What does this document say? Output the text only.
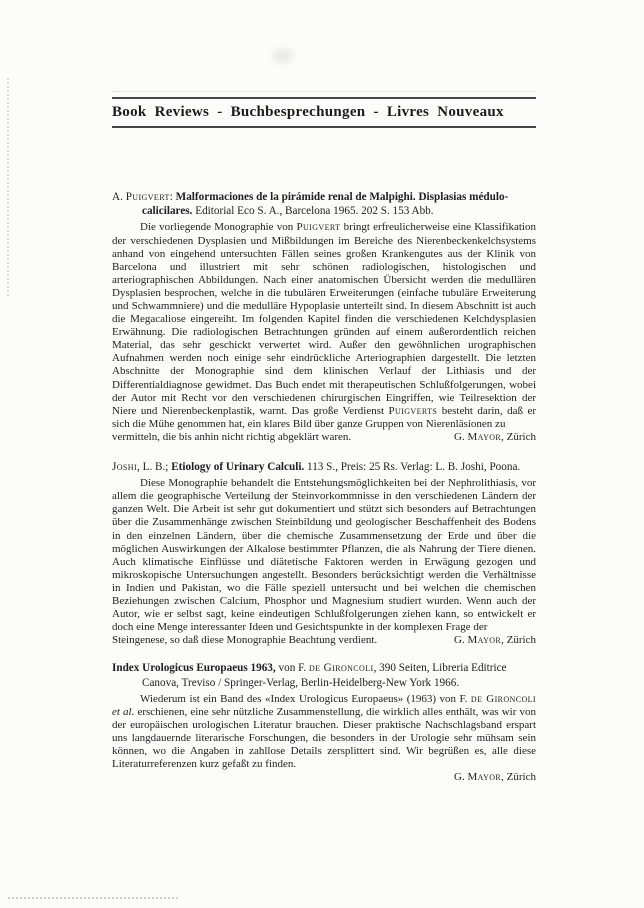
Book Reviews - Buchbesprechungen - Livres Nouveaux
A. Puigvert: Malformaciones de la pirámide renal de Malpighi. Displasias médulo-calicilares. Editorial Eco S. A., Barcelona 1965. 202 S. 153 Abb.

Die vorliegende Monographie von Puigvert bringt erfreulicherweise eine Klassifikation der verschiedenen Dysplasien und Mißbildungen im Bereiche des Nierenbeckenkelchsystems anhand von eingehend untersuchten Fällen seines großen Krankengutes aus der Klinik von Barcelona und illustriert mit sehr schönen radiologischen, histologischen und arteriographischen Abbildungen. Nach einer anatomischen Übersicht werden die medullären Dysplasien besprochen, welche in die tubulären Erweiterungen (einfache tubuläre Erweiterung und Schwammniere) und die medulläre Hypoplasie unterteilt sind. In diesem Abschnitt ist auch die Megacaliose eingereiht. Im folgenden Kapitel finden die verschiedenen Kelchdysplasien Erwähnung. Die radiologischen Betrachtungen gründen auf einem außerordentlich reichen Material, das sehr geschickt verwertet wird. Außer den gewöhnlichen urographischen Aufnahmen werden noch einige sehr eindrückliche Arteriographien dargestellt. Die letzten Abschnitte der Monographie sind dem klinischen Verlauf der Lithiasis und der Differentialdiagnose gewidmet. Das Buch endet mit therapeutischen Schlußfolgerungen, wobei der Autor mit Recht vor den verschiedenen chirurgischen Eingriffen, wie Teilresektion der Niere und Nierenbeckenplastik, warnt. Das große Verdienst Puigverts besteht darin, daß er sich die Mühe genommen hat, ein klares Bild über ganze Gruppen von Nierenläsionen zu

vermitteln, die bis anhin nicht richtig abgeklärt waren.	G. Mayor, Zürich
Joshi, L. B.; Etiology of Urinary Calculi. 113 S., Preis: 25 Rs. Verlag: L. B. Joshi, Poona.

Diese Monographie behandelt die Entstehungsmöglichkeiten bei der Nephrolithiasis, vor allem die geographische Verteilung der Steinvorkommnisse in den verschiedenen Ländern der ganzen Welt. Die Arbeit ist sehr gut dokumentiert und stützt sich besonders auf Betrachtungen über die Zusammenhänge zwischen Steinbildung und geologischer Beschaffenheit des Bodens in den einzelnen Ländern, über die chemische Zusammensetzung der Erde und über die möglichen Auswirkungen der Alkalose bestimmter Pflanzen, die als Nahrung der Tiere dienen. Auch klimatische Einflüsse und diätetische Faktoren werden in Erwägung gezogen und mikroskopische Untersuchungen angestellt. Besonders berücksichtigt werden die Verhältnisse in Indien und Pakistan, wo die Fälle speziell untersucht und bei welchen die chemischen Beziehungen zwischen Calcium, Phosphor und Magnesium studiert wurden. Wenn auch der Autor, wie er selbst sagt, keine eindeutigen Schlußfolgerungen ziehen kann, so entwickelt er doch eine Menge interessanter Ideen und Gesichtspunkte in der komplexen Frage der

Steingenese, so daß diese Monographie Beachtung verdient.	G. Mayor, Zürich
Index Urologicus Europaeus 1963, von F. de Gironcoli, 390 Seiten, Libreria Editrice Canova, Treviso / Springer-Verlag, Berlin-Heidelberg-New York 1966.

Wiederum ist ein Band des «Index Urologicus Europaeus» (1963) von F. de Gironcoli et al. erschienen, eine sehr nützliche Zusammenstellung, die wirklich alles enthält, was wir von der europäischen urologischen Literatur brauchen. Dieser praktische Nachschlagsband erspart uns langdauernde literarische Forschungen, die besonders in der Urologie sehr mühsam sein können, wo die Angaben in zahllose Details zersplittert sind. Wir begrüßen es, alle diese Literaturreferenzen kurz gefaßt zu finden.

G. Mayor, Zürich
